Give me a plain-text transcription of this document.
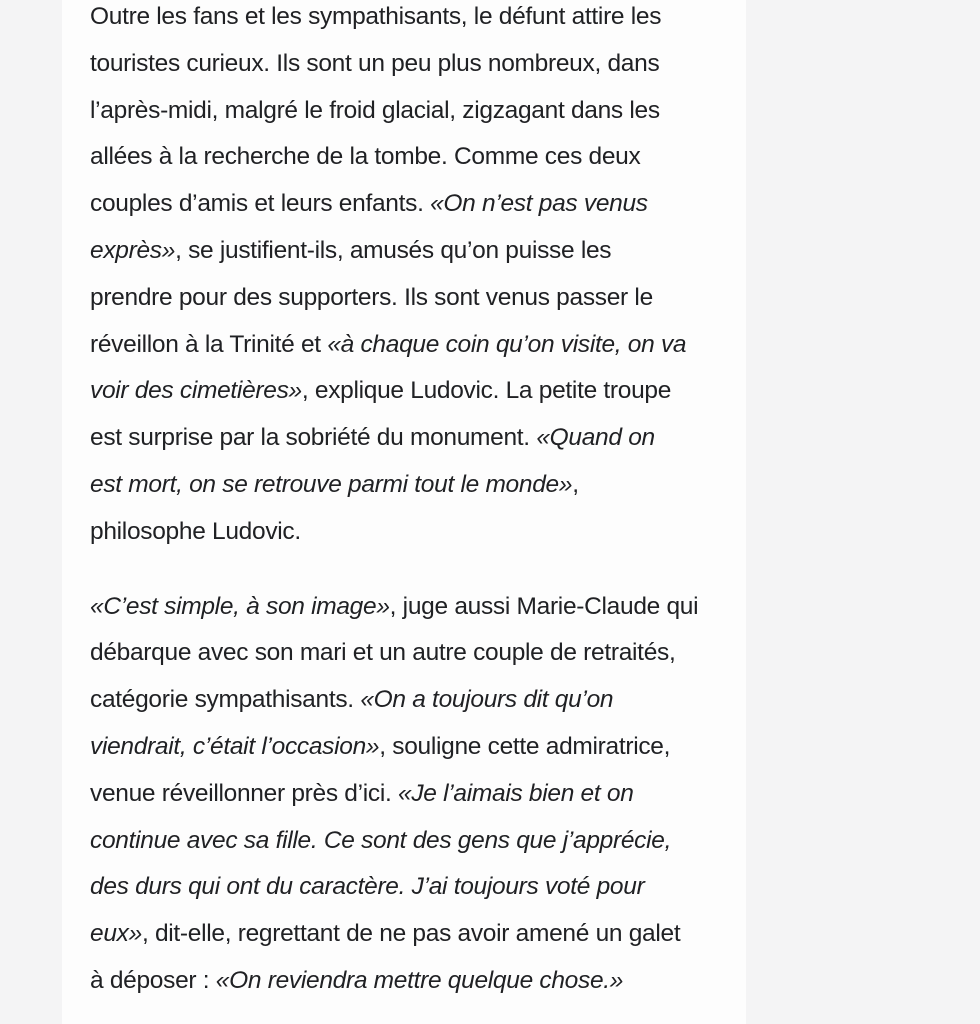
Outre les fans et les sympathisants, le défunt attire les
touristes curieux. Ils sont un peu plus nombreux, dans
l’après-midi, malgré le froid glacial, zigzagant dans les
allées à la recherche de la tombe. Comme ces deux
couples d’amis et leurs enfants. «On n’est pas venus
exprès», se justifient-ils, amusés qu’on puisse les
prendre pour des supporters. Ils sont venus passer le
réveillon à la Trinité et «à chaque coin qu’on visite, on va
voir des cimetières», explique Ludovic. La petite troupe
est surprise par la sobriété du monument. «Quand on
est mort, on se retrouve parmi tout le monde»,
philosophe Ludovic.

«C’est simple, à son image», juge aussi Marie-Claude qui
débarque avec son mari et un autre couple de retraités,
catégorie sympathisants. «On a toujours dit qu’on
viendrait, c’était l’occasion», souligne cette admiratrice,
venue réveillonner près d’ici. «Je l’aimais bien et on
continue avec sa fille. Ce sont des gens que j’apprécie,
des durs qui ont du caractère. J’ai toujours voté pour
eux», dit-elle, regrettant de ne pas avoir amené un galet
à déposer : «On reviendra mettre quelque chose.»
